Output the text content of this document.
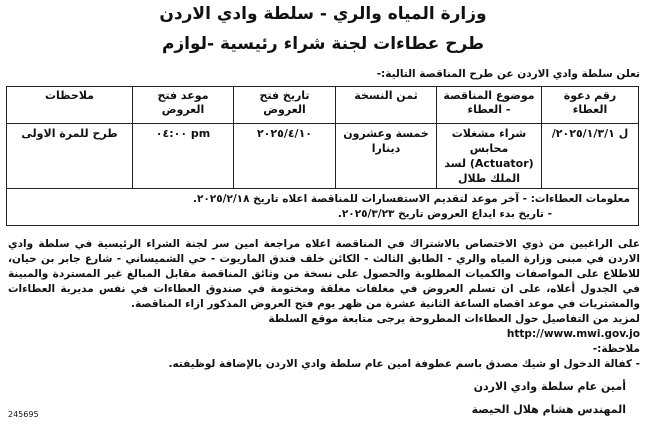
وزارة المياه والري - سلطة وادي الاردن
طرح عطاءات لجنة شراء رئيسية -لوازم
تعلن سلطة وادي الاردن عن طرح المناقصة التالية:-
رقم دعوة العطاء	موضوع المناقصة - العطاء	ثمن النسخة	تاريخ فتح العروض	موعد فتح العروض	ملاحظات
ل ٢٠٢٥/١/٣/١/	شراء مشغلات محابس (Actuator) لسد الملك طلال	خمسة وعشرون دينارا	٢٠٢٥/٤/١٠	٠٤:٠٠ pm	طرح للمرة الاولى

معلومات العطاءات: - آخر موعد لتقديم الاستفسارات للمناقصة اعلاه تاريخ ٢٠٢٥/٢/١٨.
- تاريخ بدء ايداع العروض تاريخ ٢٠٢٥/٣/٢٣.					

على الراغبين من ذوي الاختصاص بالاشتراك في المناقصة اعلاه مراجعة امين سر لجنة الشراء الرئيسية في سلطة وادي الاردن في مبنى وزارة المياه والري - الطابق الثالث - الكائن خلف فندق الماريوت - حي الشميساني - شارع جابر بن حيان، للاطلاع على المواصفات والكميات المطلوبة والحصول على نسخة من وثائق المناقصة مقابل المبالغ غير المستردة والمبينة في الجدول أعلاه، على ان تسلم العروض في مغلفات مغلقة ومختومة في صندوق العطاءات في نفس مديرية العطاءات والمشتريات في موعد اقصاه الساعة الثانية عشرة من ظهر يوم فتح العروض المذكور ازاء المناقصة.

لمزيد من التفاصيل حول العطاءات المطروحة يرجى متابعة موقع السلطة

http://www.mwi.gov.jo

ملاحظة:-

- كفالة الدخول او شيك مصدق باسم عطوفة امين عام سلطة وادي الاردن بالإضافة لوظيفته.

أمين عام سلطة وادي الاردن
المهندس هشام هلال الحيصة
245695
